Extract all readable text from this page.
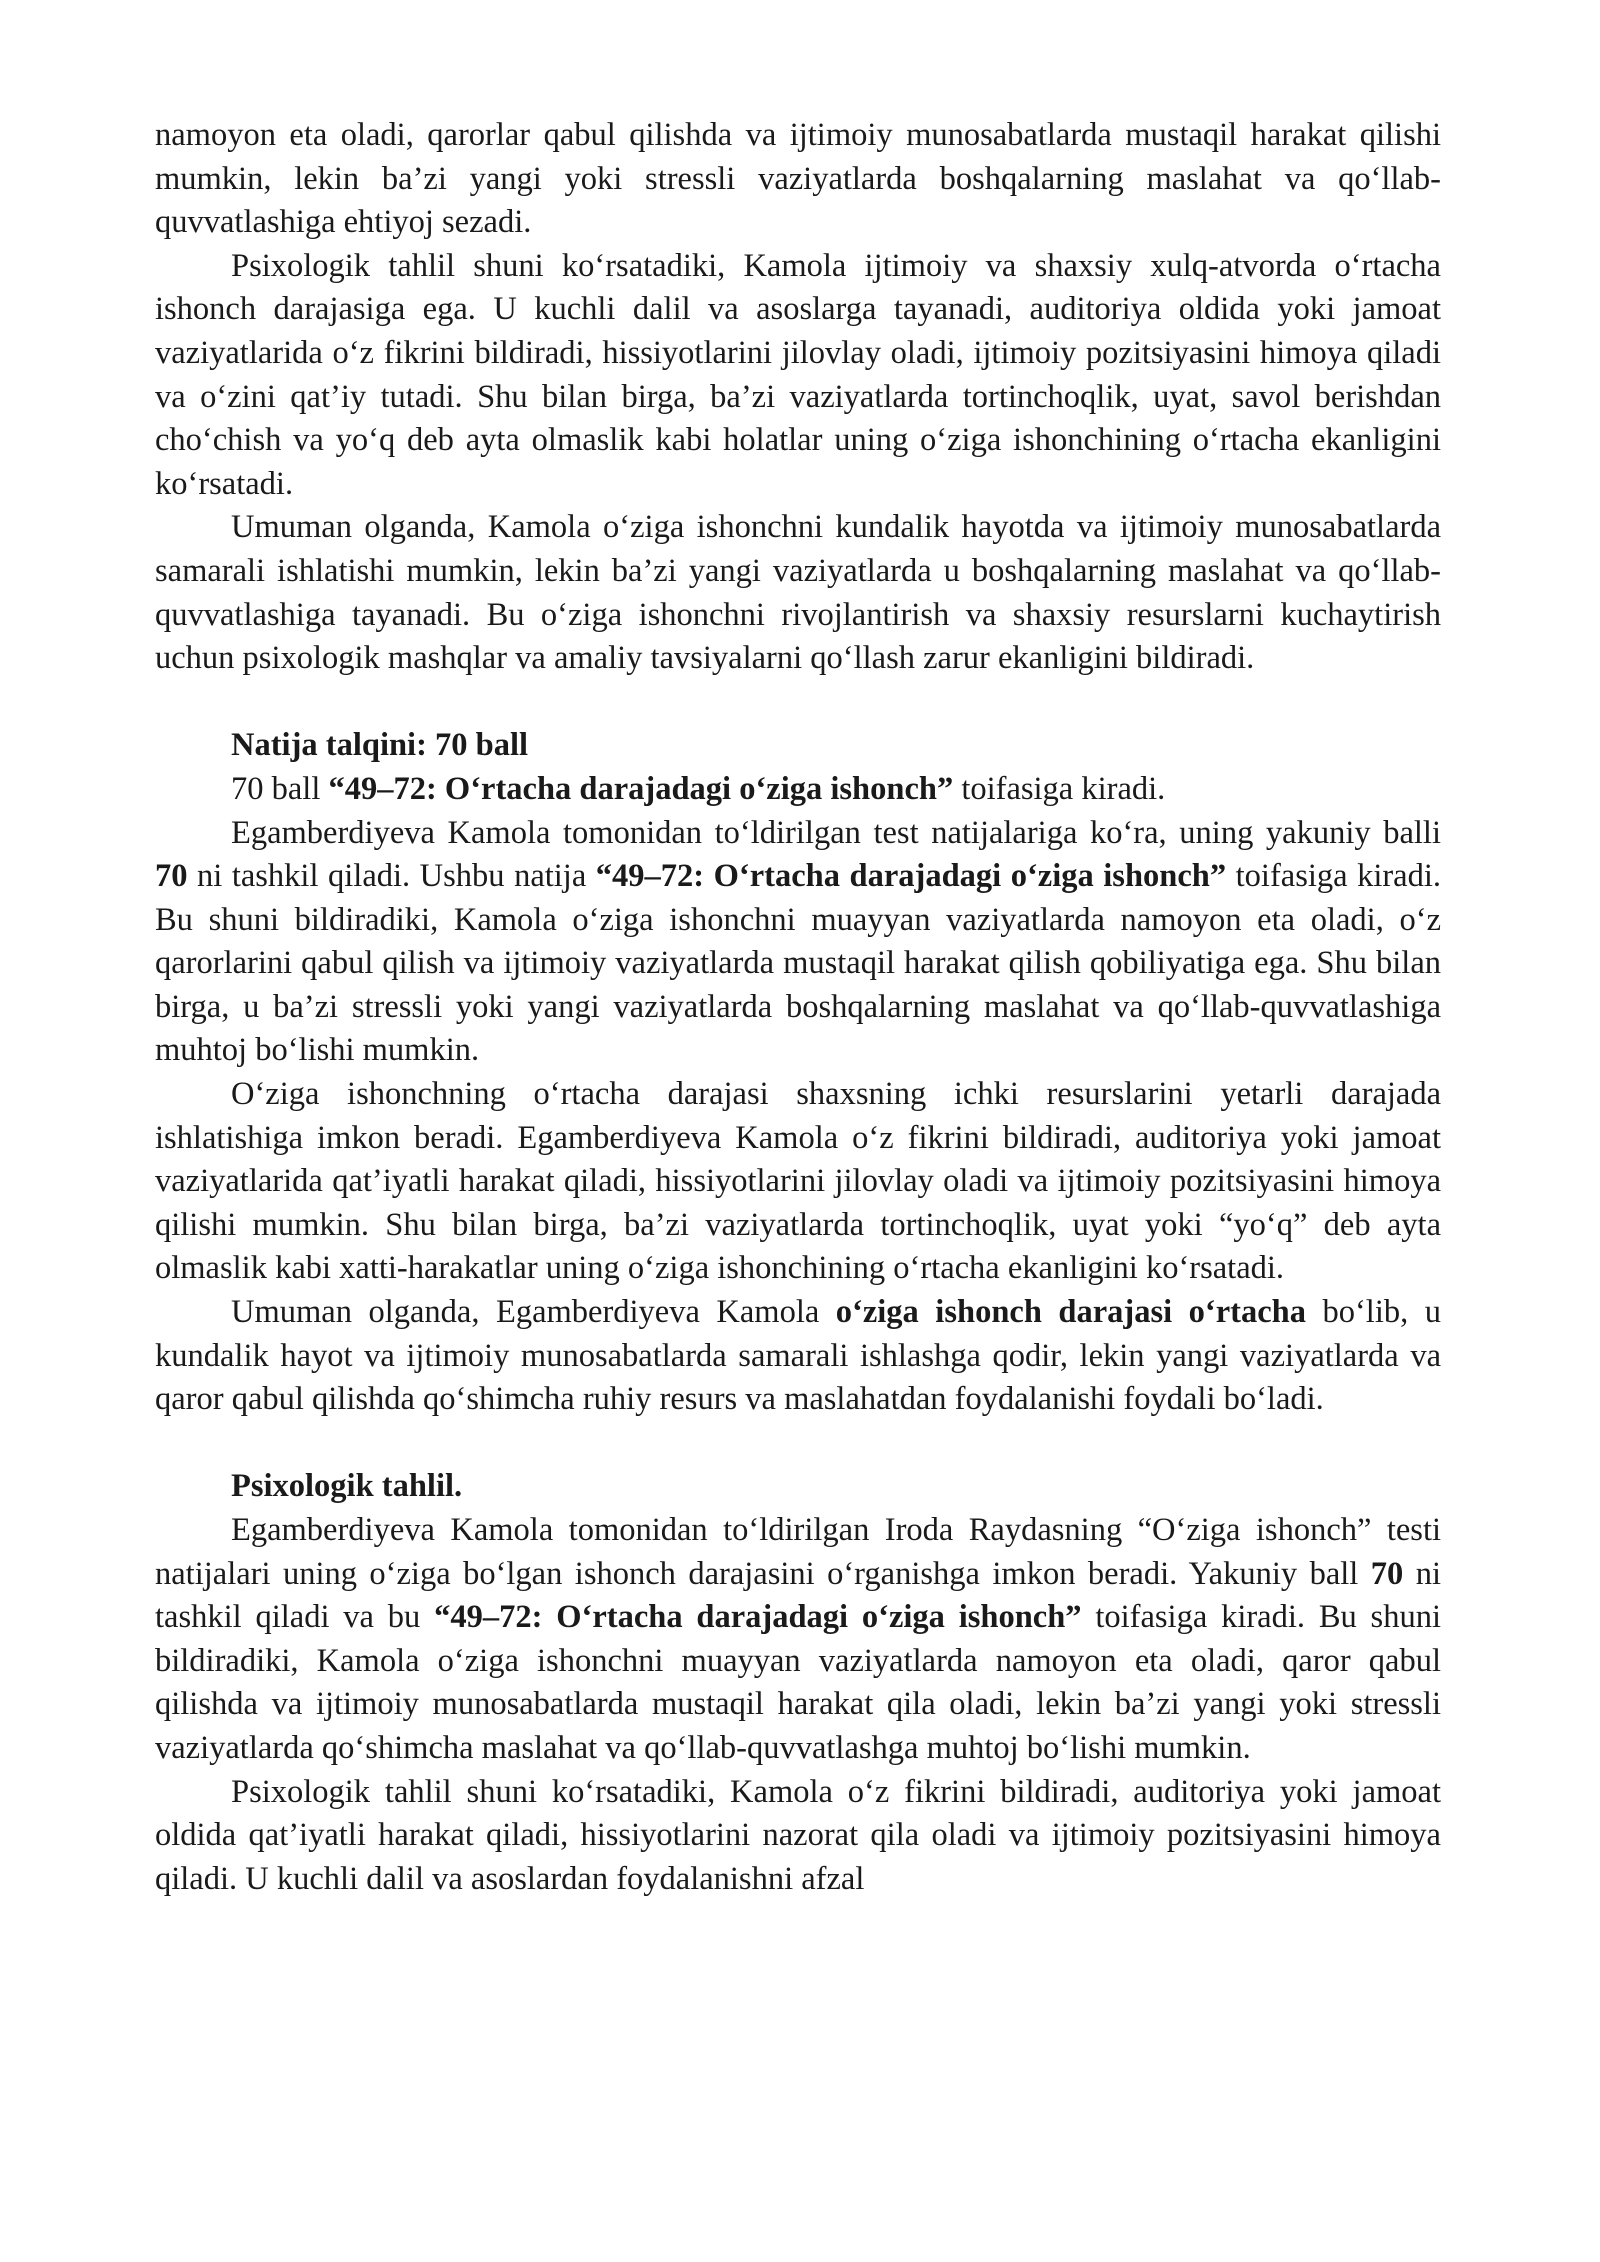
namoyon eta oladi, qarorlar qabul qilishda va ijtimoiy munosabatlarda mustaqil harakat qilishi mumkin, lekin ba’zi yangi yoki stressli vaziyatlarda boshqalarning maslahat va qo‘llab-quvvatlashiga ehtiyoj sezadi.

Psixologik tahlil shuni ko‘rsatadiki, Kamola ijtimoiy va shaxsiy xulq-atvorda o‘rtacha ishonch darajasiga ega. U kuchli dalil va asoslarga tayanadi, auditoriya oldida yoki jamoat vaziyatlarida o‘z fikrini bildiradi, hissiyotlarini jilovlay oladi, ijtimoiy pozitsiyasini himoya qiladi va o‘zini qat’iy tutadi. Shu bilan birga, ba’zi vaziyatlarda tortinchoqlik, uyat, savol berishdan cho‘chish va yo‘q deb ayta olmaslik kabi holatlar uning o‘ziga ishonchining o‘rtacha ekanligini ko‘rsatadi.

Umuman olganda, Kamola o‘ziga ishonchni kundalik hayotda va ijtimoiy munosabatlarda samarali ishlatishi mumkin, lekin ba’zi yangi vaziyatlarda u boshqalarning maslahat va qo‘llab-quvvatlashiga tayanadi. Bu o‘ziga ishonchni rivojlantirish va shaxsiy resurslarni kuchaytirish uchun psixologik mashqlar va amaliy tavsiyalarni qo‘llash zarur ekanligini bildiradi.

Natija talqini: 70 ball

70 ball “49–72: O‘rtacha darajadagi o‘ziga ishonch” toifasiga kiradi.

Egamberdiyeva Kamola tomonidan to‘ldirilgan test natijalariga ko‘ra, uning yakuniy balli 70 ni tashkil qiladi. Ushbu natija “49–72: O‘rtacha darajadagi o‘ziga ishonch” toifasiga kiradi. Bu shuni bildiradiki, Kamola o‘ziga ishonchni muayyan vaziyatlarda namoyon eta oladi, o‘z qarorlarini qabul qilish va ijtimoiy vaziyatlarda mustaqil harakat qilish qobiliyatiga ega. Shu bilan birga, u ba’zi stressli yoki yangi vaziyatlarda boshqalarning maslahat va qo‘llab-quvvatlashiga muhtoj bo‘lishi mumkin.

O‘ziga ishonchning o‘rtacha darajasi shaxsning ichki resurslarini yetarli darajada ishlatishiga imkon beradi. Egamberdiyeva Kamola o‘z fikrini bildiradi, auditoriya yoki jamoat vaziyatlarida qat’iyatli harakat qiladi, hissiyotlarini jilovlay oladi va ijtimoiy pozitsiyasini himoya qilishi mumkin. Shu bilan birga, ba’zi vaziyatlarda tortinchoqlik, uyat yoki “yo‘q” deb ayta olmaslik kabi xatti-harakatlar uning o‘ziga ishonchining o‘rtacha ekanligini ko‘rsatadi.

Umuman olganda, Egamberdiyeva Kamola o‘ziga ishonch darajasi o‘rtacha bo‘lib, u kundalik hayot va ijtimoiy munosabatlarda samarali ishlashga qodir, lekin yangi vaziyatlarda va qaror qabul qilishda qo‘shimcha ruhiy resurs va maslahatdan foydalanishi foydali bo‘ladi.

Psixologik tahlil.

Egamberdiyeva Kamola tomonidan to‘ldirilgan Iroda Raydasning “O‘ziga ishonch” testi natijalari uning o‘ziga bo‘lgan ishonch darajasini o‘rganishga imkon beradi. Yakuniy ball 70 ni tashkil qiladi va bu “49–72: O‘rtacha darajadagi o‘ziga ishonch” toifasiga kiradi. Bu shuni bildiradiki, Kamola o‘ziga ishonchni muayyan vaziyatlarda namoyon eta oladi, qaror qabul qilishda va ijtimoiy munosabatlarda mustaqil harakat qila oladi, lekin ba’zi yangi yoki stressli vaziyatlarda qo‘shimcha maslahat va qo‘llab-quvvatlashga muhtoj bo‘lishi mumkin.

Psixologik tahlil shuni ko‘rsatadiki, Kamola o‘z fikrini bildiradi, auditoriya yoki jamoat oldida qat’iyatli harakat qiladi, hissiyotlarini nazorat qila oladi va ijtimoiy pozitsiyasini himoya qiladi. U kuchli dalil va asoslardan foydalanishni afzal
